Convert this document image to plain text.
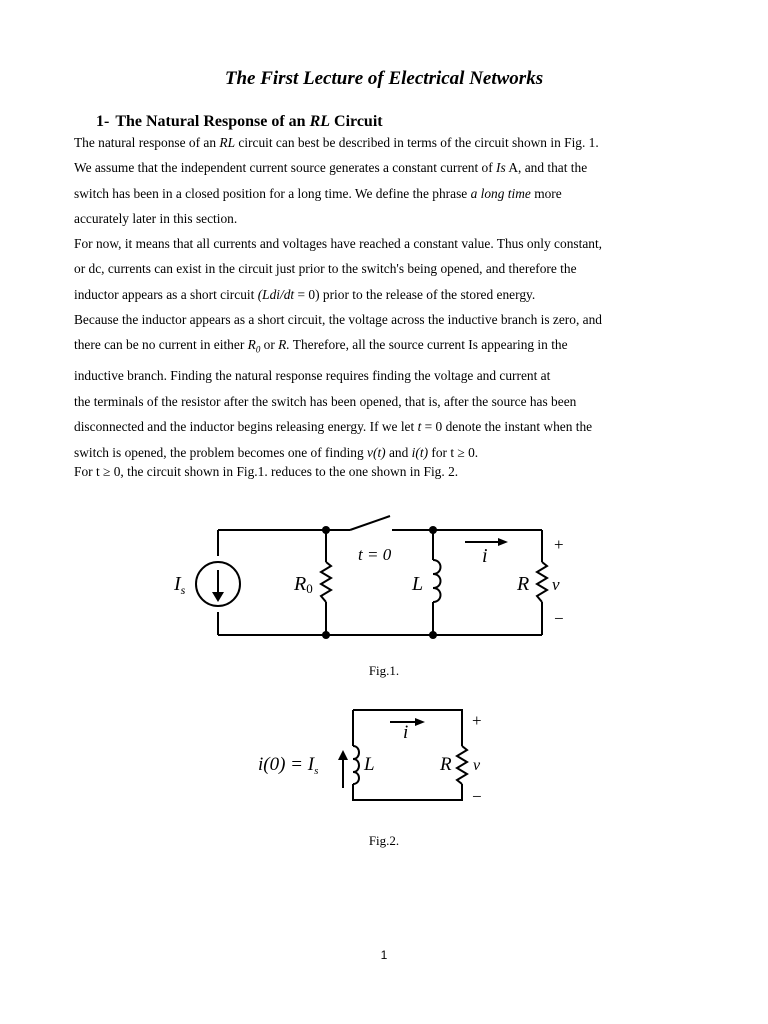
The First Lecture of Electrical Networks
1- The Natural Response of an RL Circuit
The natural response of an RL circuit can best be described in terms of the circuit shown in Fig. 1.
We assume that the independent current source generates a constant current of Is A, and that the
switch has been in a closed position for a long time. We define the phrase a long time more
accurately later in this section.
For now, it means that all currents and voltages have reached a constant value. Thus only constant,
or dc, currents can exist in the circuit just prior to the switch's being opened, and therefore the
inductor appears as a short circuit (Ldi/dt = 0) prior to the release of the stored energy.
Because the inductor appears as a short circuit, the voltage across the inductive branch is zero, and
there can be no current in either $R_0$ or R. Therefore, all the source current Is appearing in the
inductive branch. Finding the natural response requires finding the voltage and current at
the terminals of the resistor after the switch has been opened, that is, after the source has been
disconnected and the inductor begins releasing energy. If we let t = 0 denote the instant when the
switch is opened, the problem becomes one of finding v(t) and i(t) for t ≥ 0.
For t ≥ 0, the circuit shown in Fig.1. reduces to the one shown in Fig. 2.
$I_s$	R0
t = 0
L
i
R v
+
−
Fig.1.
$i(0) = I_s$ L
i
R v
+
−
Fig.2.
1
